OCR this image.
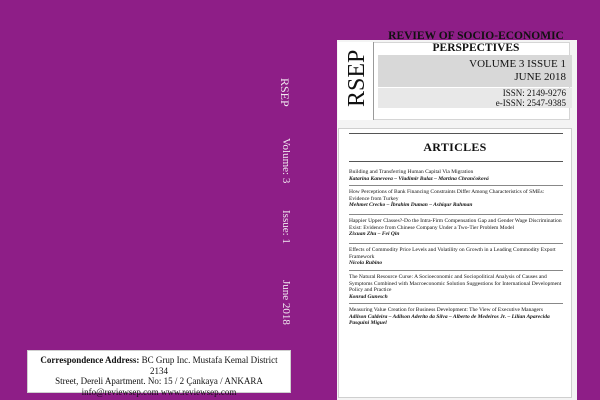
Correspondence Address: BC Grup Inc. Mustafa Kemal District 2134
Street, Dereli Apartment. No: 15 / 2 Çankaya / ANKARA
info@reviewsep.com www.reviewsep.com
RSEP
Volume: 3
Issue: 1
June 2018
RSEP
REVIEW OF SOCIO-ECONOMIC
PERSPECTIVES
VOLUME 3 ISSUE 1
JUNE 2018
ISSN: 2149-9276
e-ISSN: 2547-9385
ARTICLES
Building and Transferring Human Capital Via Migration
Katarina Kanevova – Vladimir Balaz – Martina Chrančoková
How Perceptions of Bank Financing Constraints Differ Among Characteristics of SMEs: Evidence from Turkey
Mehmet Crecko – İbrahim Duman – Ashiqur Rahman
Happier Upper Classes?-Do the Intra-Firm Compensation Gap and Gender Wage Discrimination Exist: Evidence from Chinese Company Under a Two-Tier Problem Model
Zixuan Zhu – Fei Qin
Effects of Commodity Price Levels and Volatility on Growth in a Leading Commodity Export Framework
Nicola Rubino
The Natural Resource Curse: A Socioeconomic and Sociopolitical Analysis of Causes and Symptoms Combined with Macroeconomic Solution Suggestions for International Development Policy and Practice
Konrad Gunesch
Measuring Value Creation for Business Development: The View of Executive Managers
Adilson Caldeira – Adilson Aderito da Silva – Alberto de Medeiros Jr. – Lilian Aparecida Pasquini Miguel
